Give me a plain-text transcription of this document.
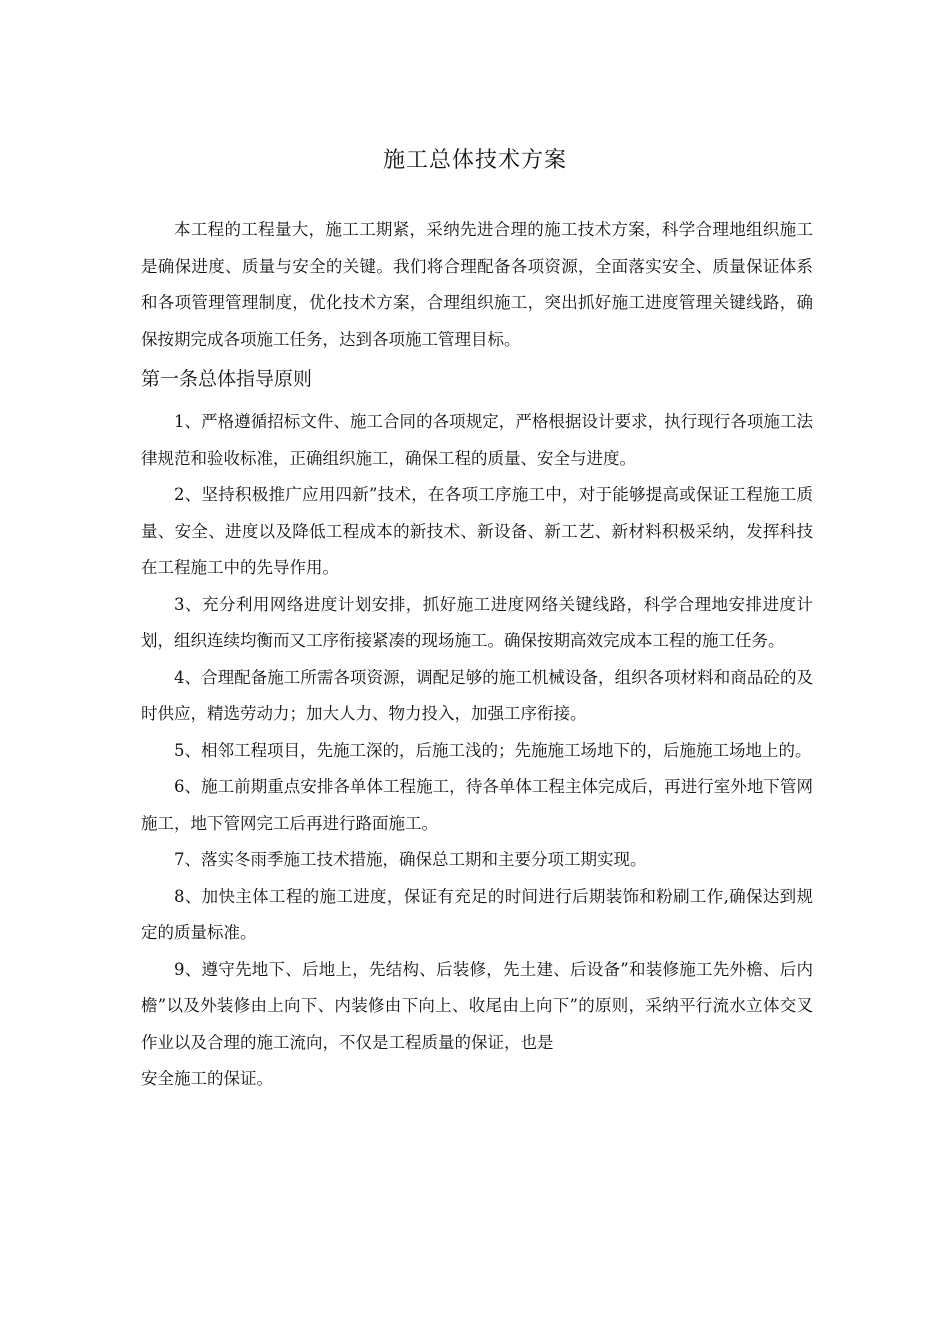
施工总体技术方案

本工程的工程量大，施工工期紧，采纳先进合理的施工技术方案，科学合理地组织施工是确保进度、质量与安全的关键。我们将合理配备各项资源，全面落实安全、质量保证体系和各项管理管理制度，优化技术方案，合理组织施工，突出抓好施工进度管理关键线路，确保按期完成各项施工任务，达到各项施工管理目标。

第一条总体指导原则

1、严格遵循招标文件、施工合同的各项规定，严格根据设计要求，执行现行各项施工法律规范和验收标准，正确组织施工，确保工程的质量、安全与进度。

2、坚持积极推广应用四新”技术，在各项工序施工中，对于能够提高或保证工程施工质量、安全、进度以及降低工程成本的新技术、新设备、新工艺、新材料积极采纳，发挥科技在工程施工中的先导作用。

3、充分利用网络进度计划安排，抓好施工进度网络关键线路，科学合理地安排进度计划，组织连续均衡而又工序衔接紧凑的现场施工。确保按期高效完成本工程的施工任务。

4、合理配备施工所需各项资源，调配足够的施工机械设备，组织各项材料和商品砼的及时供应，精选劳动力；加大人力、物力投入，加强工序衔接。

5、相邻工程项目，先施工深的，后施工浅的；先施施工场地下的，后施施工场地上的。

6、施工前期重点安排各单体工程施工，待各单体工程主体完成后，再进行室外地下管网施工，地下管网完工后再进行路面施工。

7、落实冬雨季施工技术措施，确保总工期和主要分项工期实现。

8、加快主体工程的施工进度，保证有充足的时间进行后期装饰和粉刷工作,确保达到规定的质量标准。

9、遵守先地下、后地上，先结构、后装修，先土建、后设备”和装修施工先外檐、后内檐”以及外装修由上向下、内装修由下向上、收尾由上向下”的原则，采纳平行流水立体交叉作业以及合理的施工流向，不仅是工程质量的保证，也是

安全施工的保证。
